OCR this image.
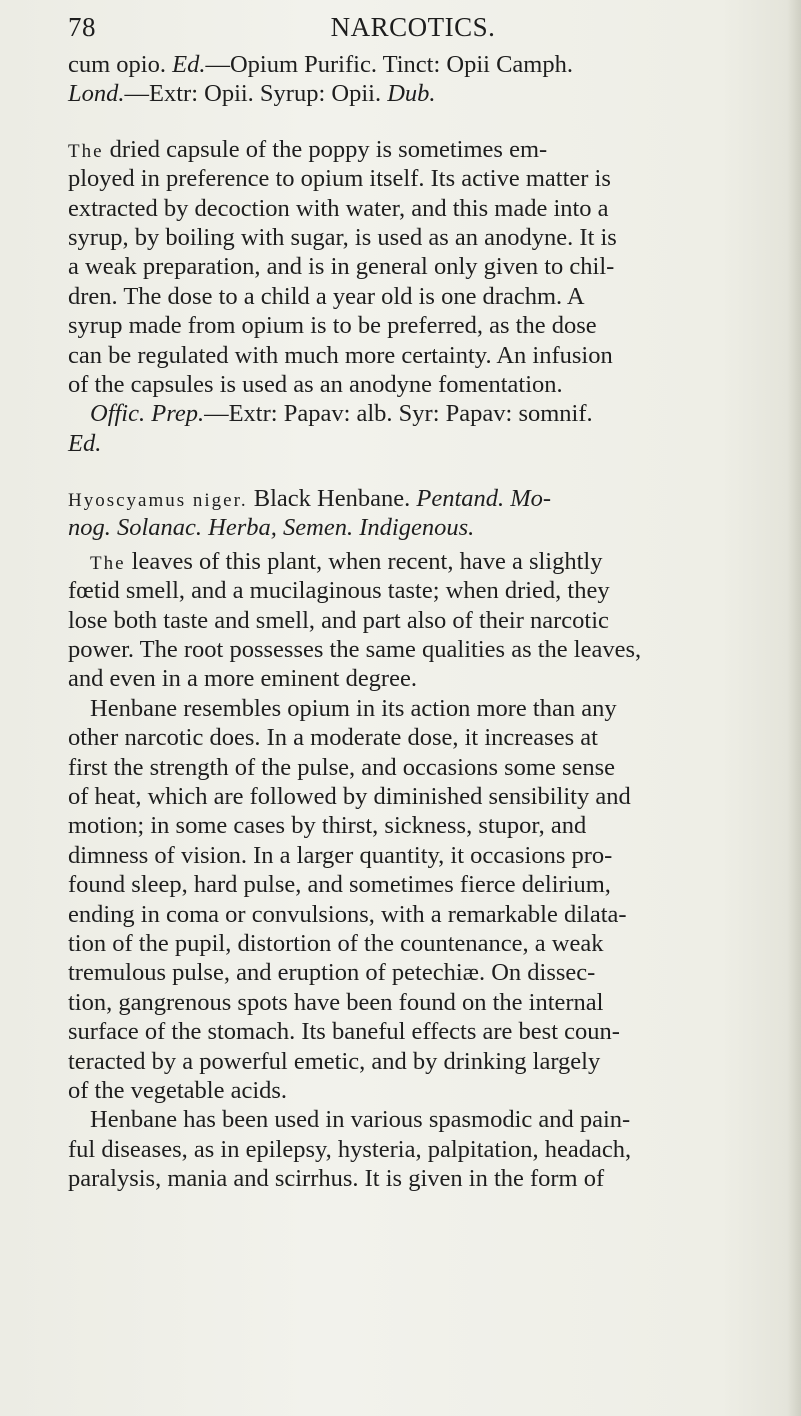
78	NARCOTICS.
cum opio. Ed.—Opium Purific. Tinct: Opii Camph.
Lond.—Extr: Opii. Syrup: Opii. Dub.
The dried capsule of the poppy is sometimes em-
ployed in preference to opium itself. Its active matter is
extracted by decoction with water, and this made into a
syrup, by boiling with sugar, is used as an anodyne. It is
a weak preparation, and is in general only given to chil-
dren. The dose to a child a year old is one drachm. A
syrup made from opium is to be preferred, as the dose
can be regulated with much more certainty. An infusion
of the capsules is used as an anodyne fomentation.
Offic. Prep.—Extr: Papav: alb. Syr: Papav: somnif.
Ed.
Hyoscyamus niger. Black Henbane. Pentand. Mo-
nog. Solanac. Herba, Semen. Indigenous.
The leaves of this plant, when recent, have a slightly
fœtid smell, and a mucilaginous taste; when dried, they
lose both taste and smell, and part also of their narcotic
power. The root possesses the same qualities as the leaves,
and even in a more eminent degree.
Henbane resembles opium in its action more than any
other narcotic does. In a moderate dose, it increases at
first the strength of the pulse, and occasions some sense
of heat, which are followed by diminished sensibility and
motion; in some cases by thirst, sickness, stupor, and
dimness of vision. In a larger quantity, it occasions pro-
found sleep, hard pulse, and sometimes fierce delirium,
ending in coma or convulsions, with a remarkable dilata-
tion of the pupil, distortion of the countenance, a weak
tremulous pulse, and eruption of petechiæ. On dissec-
tion, gangrenous spots have been found on the internal
surface of the stomach. Its baneful effects are best coun-
teracted by a powerful emetic, and by drinking largely
of the vegetable acids.
Henbane has been used in various spasmodic and pain-
ful diseases, as in epilepsy, hysteria, palpitation, headach,
paralysis, mania and scirrhus. It is given in the form of
